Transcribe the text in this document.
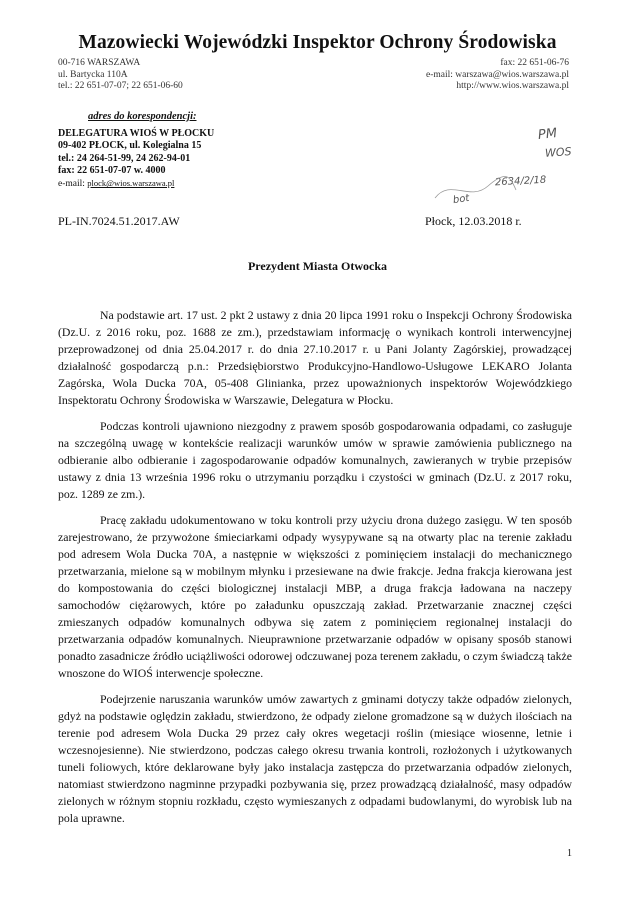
Mazowiecki Wojewódzki Inspektor Ochrony Środowiska
00-716 WARSZAWA
ul. Bartycka 110A
tel.: 22 651-07-07; 22 651-06-60
fax: 22 651-06-76
e-mail: warszawa@wios.warszawa.pl
http://www.wios.warszawa.pl
adres do korespondencji:
DELEGATURA WIOŚ W PŁOCKU
09-402 PŁOCK, ul. Kolegialna 15
tel.: 24 264-51-99, 24 262-94-01
fax: 22 651-07-07 w. 4000
e-mail: plock@wios.warszawa.pl
PM
WOS
2634/2/18
bot
PL-IN.7024.51.2017.AW	Płock, 12.03.2018 r.
Prezydent Miasta Otwocka

Na podstawie art. 17 ust. 2 pkt 2 ustawy z dnia 20 lipca 1991 roku o Inspekcji Ochrony Środowiska (Dz.U. z 2016 roku, poz. 1688 ze zm.), przedstawiam informację o wynikach kontroli interwencyjnej przeprowadzonej od dnia 25.04.2017 r. do dnia 27.10.2017 r. u Pani Jolanty Zagórskiej, prowadzącej działalność gospodarczą p.n.: Przedsiębiorstwo Produkcyjno-Handlowo-Usługowe LEKARO Jolanta Zagórska, Wola Ducka 70A, 05-408 Glinianka, przez upoważnionych inspektorów Wojewódzkiego Inspektoratu Ochrony Środowiska w Warszawie, Delegatura w Płocku.

Podczas kontroli ujawniono niezgodny z prawem sposób gospodarowania odpadami, co zasługuje na szczególną uwagę w kontekście realizacji warunków umów w sprawie zamówienia publicznego na odbieranie albo odbieranie i zagospodarowanie odpadów komunalnych, zawieranych w trybie przepisów ustawy z dnia 13 września 1996 roku o utrzymaniu porządku i czystości w gminach (Dz.U. z 2017 roku, poz. 1289 ze zm.).

Pracę zakładu udokumentowano w toku kontroli przy użyciu drona dużego zasięgu. W ten sposób zarejestrowano, że przywożone śmieciarkami odpady wysypywane są na otwarty plac na terenie zakładu pod adresem Wola Ducka 70A, a następnie w większości z pominięciem instalacji do mechanicznego przetwarzania, mielone są w mobilnym młynku i przesiewane na dwie frakcje. Jedna frakcja kierowana jest do kompostowania do części biologicznej instalacji MBP, a druga frakcja ładowana na naczepy samochodów ciężarowych, które po załadunku opuszczają zakład. Przetwarzanie znacznej części zmieszanych odpadów komunalnych odbywa się zatem z pominięciem regionalnej instalacji do przetwarzania odpadów komunalnych. Nieuprawnione przetwarzanie odpadów w opisany sposób stanowi ponadto zasadnicze źródło uciążliwości odorowej odczuwanej poza terenem zakładu, o czym świadczą także wnoszone do WIOŚ interwencje społeczne.

Podejrzenie naruszania warunków umów zawartych z gminami dotyczy także odpadów zielonych, gdyż na podstawie oględzin zakładu, stwierdzono, że odpady zielone gromadzone są w dużych ilościach na terenie pod adresem Wola Ducka 29 przez cały okres wegetacji roślin (miesiące wiosenne, letnie i wczesnojesienne). Nie stwierdzono, podczas całego okresu trwania kontroli, rozłożonych i użytkowanych tuneli foliowych, które deklarowane były jako instalacja zastępcza do przetwarzania odpadów zielonych, natomiast stwierdzono nagminne przypadki pozbywania się, przez prowadzącą działalność, masy odpadów zielonych w różnym stopniu rozkładu, często wymieszanych z odpadami budowlanymi, do wyrobisk lub na pola uprawne.

1
